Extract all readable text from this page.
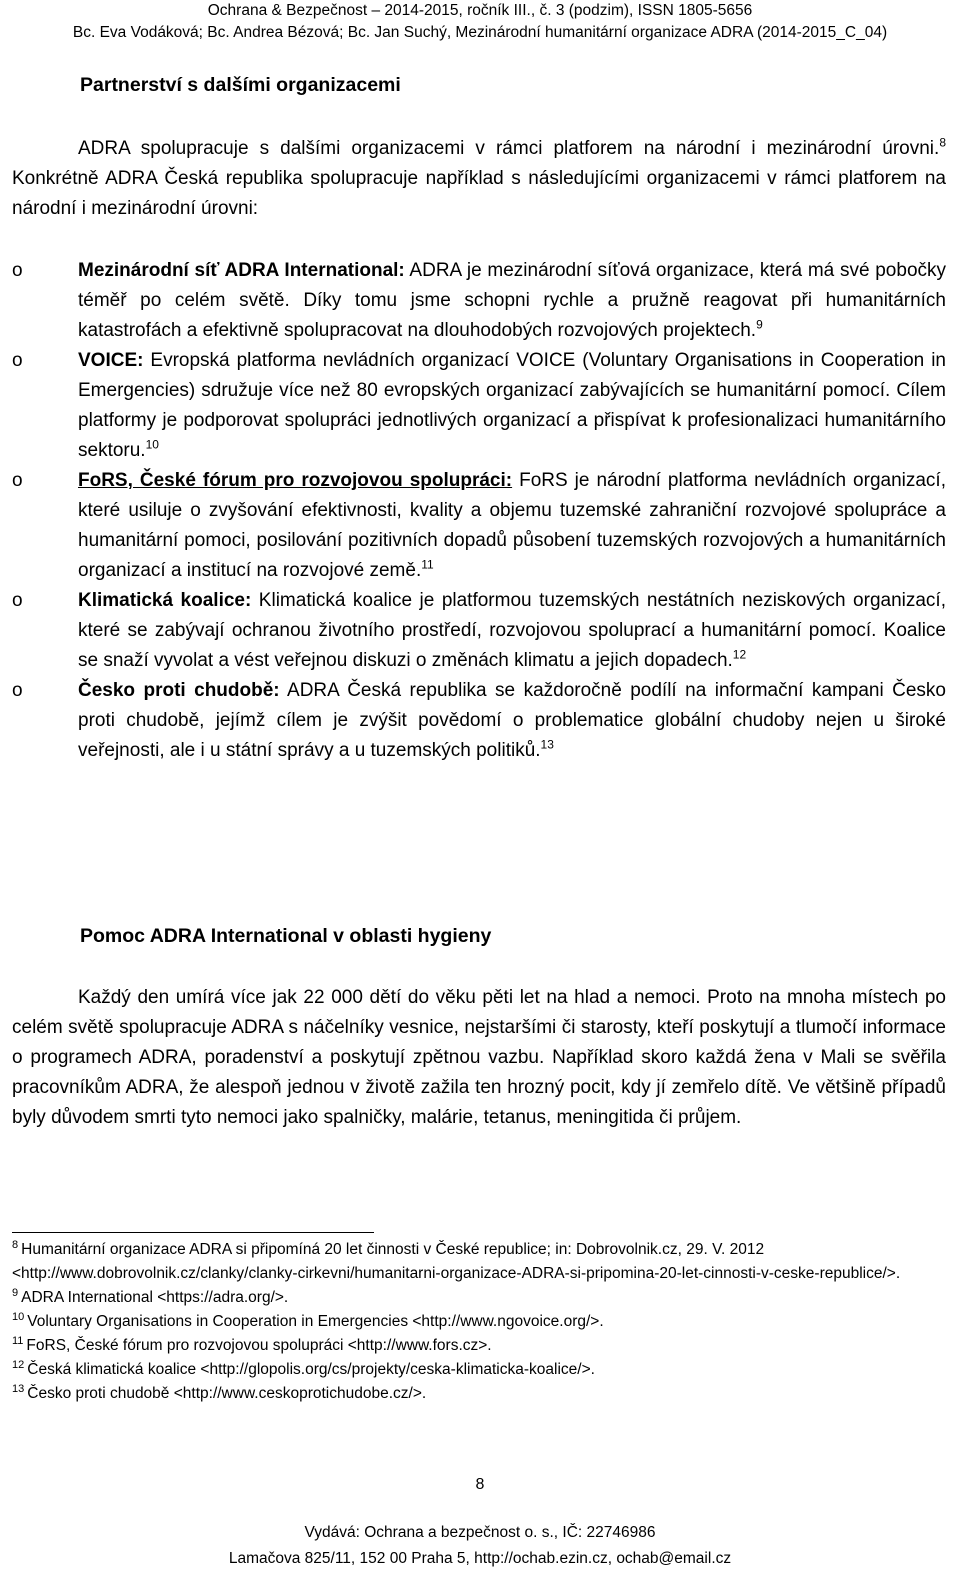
Ochrana & Bezpečnost – 2014-2015, ročník III., č. 3 (podzim), ISSN 1805-5656
Bc. Eva Vodáková; Bc. Andrea Bézová; Bc. Jan Suchý, Mezinárodní humanitární organizace ADRA (2014-2015_C_04)
Partnerství s dalšími organizacemi
ADRA spolupracuje s dalšími organizacemi v rámci platforem na národní i mezinárodní úrovni.$^8$ Konkrétně ADRA Česká republika spolupracuje například s následujícími organizacemi v rámci platforem na národní i mezinárodní úrovni:
o	Mezinárodní síť ADRA International: ADRA je mezinárodní síťová organizace, která má své pobočky téměř po celém světě. Díky tomu jsme schopni rychle a pružně reagovat při humanitárních katastrofách a efektivně spolupracovat na dlouhodobých rozvojových projektech.$^9$
o	VOICE: Evropská platforma nevládních organizací VOICE (Voluntary Organisations in Cooperation in Emergencies) sdružuje více než 80 evropských organizací zabývajících se humanitární pomocí. Cílem platformy je podporovat spolupráci jednotlivých organizací a přispívat k profesionalizaci humanitárního sektoru.$^{10}$
o	FoRS, České fórum pro rozvojovou spolupráci: FoRS je národní platforma nevládních organizací, které usiluje o zvyšování efektivnosti, kvality a objemu tuzemské zahraniční rozvojové spolupráce a humanitární pomoci, posilování pozitivních dopadů působení tuzemských rozvojových a humanitárních organizací a institucí na rozvojové země.$^{11}$
o	Klimatická koalice: Klimatická koalice je platformou tuzemských nestátních neziskových organizací, které se zabývají ochranou životního prostředí, rozvojovou spoluprací a humanitární pomocí. Koalice se snaží vyvolat a vést veřejnou diskuzi o změnách klimatu a jejich dopadech.$^{12}$
o	Česko proti chudobě: ADRA Česká republika se každoročně podílí na informační kampani Česko proti chudobě, jejímž cílem je zvýšit povědomí o problematice globální chudoby nejen u široké veřejnosti, ale i u státní správy a u tuzemských politiků.$^{13}$
Pomoc ADRA International v oblasti hygieny
Každý den umírá více jak 22 000 dětí do věku pěti let na hlad a nemoci. Proto na mnoha místech po celém světě spolupracuje ADRA s náčelníky vesnice, nejstaršími či starosty, kteří poskytují a tlumočí informace o programech ADRA, poradenství a poskytují zpětnou vazbu. Například skoro každá žena v Mali se svěřila pracovníkům ADRA, že alespoň jednou v životě zažila ten hrozný pocit, kdy jí zemřelo dítě. Ve většině případů byly důvodem smrti tyto nemoci jako spalničky, malárie, tetanus, meningitida či průjem.
$^8$ Humanitární organizace ADRA si připomíná 20 let činnosti v České republice; in: Dobrovolnik.cz, 29. V. 2012 <http://www.dobrovolnik.cz/clanky/clanky-cirkevni/humanitarni-organizace-ADRA-si-pripomina-20-let-cinnosti-v-ceske-republice/>.
$^9$ ADRA International <https://adra.org/>.
$^{10}$ Voluntary Organisations in Cooperation in Emergencies <http://www.ngovoice.org/>.
$^{11}$ FoRS, České fórum pro rozvojovou spolupráci <http://www.fors.cz>.
$^{12}$ Česká klimatická koalice <http://glopolis.org/cs/projekty/ceska-klimaticka-koalice/>.
$^{13}$ Česko proti chudobě <http://www.ceskoprotichudobe.cz/>.
8
Vydává: Ochrana a bezpečnost o. s., IČ: 22746986
Lamačova 825/11, 152 00 Praha 5, http://ochab.ezin.cz, ochab@email.cz
